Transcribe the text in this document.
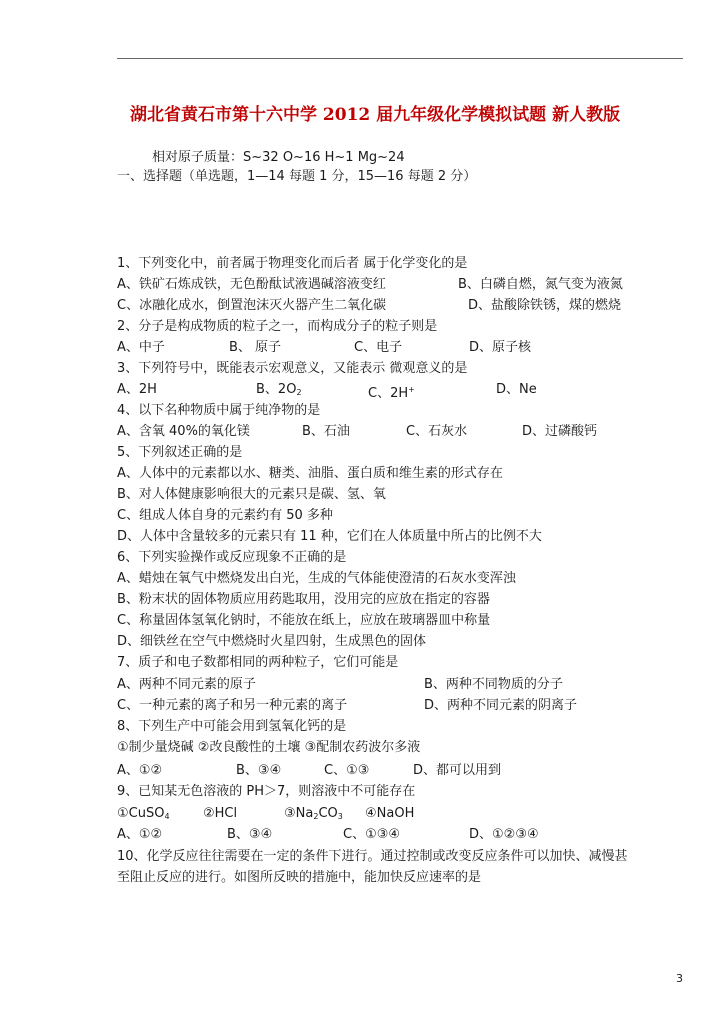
湖北省黄石市第十六中学 2012 届九年级化学模拟试题 新人教版
相对原子质量：S~32 O~16 H~1 Mg~24
一、选择题（单选题，1—14 每题 1 分，15—16 每题 2 分）
1、下列变化中，前者属于物理变化而后者 属于化学变化的是
A、铁矿石炼成铁，无色酚酞试液遇碱溶液变红	B、白磷自燃，氮气变为液氮
C、冰融化成水，倒置泡沫灭火器产生二氧化碳	D、盐酸除铁锈，煤的燃烧
2、分子是构成物质的粒子之一，而构成分子的粒子则是
A、中子	B、 原子	C、电子	D、原子核
3、下列符号中，既能表示宏观意义，又能表示 微观意义的是
A、2H	B、$2O_2$	C、2H+	D、Ne
4、以下名种物质中属于纯净物的是
A、含氧 40%的氧化镁	B、石油	C、石灰水	D、过磷酸钙
5、下列叙述正确的是
A、人体中的元素都以水、糖类、油脂、蛋白质和维生素的形式存在
B、对人体健康影响很大的元素只是碳、氢、氧
C、组成人体自身的元素约有 50 多种
D、人体中含量较多的元素只有 11 种，它们在人体质量中所占的比例不大
6、下列实验操作或反应现象不正确的是
A、蜡烛在氧气中燃烧发出白光，生成的气体能使澄清的石灰水变浑浊
B、粉末状的固体物质应用药匙取用，没用完的应放在指定的容器
C、称量固体氢氧化钠时，不能放在纸上，应放在玻璃器皿中称量
D、细铁丝在空气中燃烧时火星四射，生成黑色的固体
7、质子和电子数都相同的两种粒子，它们可能是
A、两种不同元素的原子	B、两种不同物质的分子
C、一种元素的离子和另一种元素的离子	D、两种不同元素的阴离子
8、下列生产中可能会用到氢氧化钙的是
①制少量烧碱 ②改良酸性的土壤 ③配制农药波尔多液
A、①②	B、③④	C、①③	D、都可以用到
9、已知某无色溶液的 PH＞7，则溶液中不可能存在
①CuSO$_4$	②HCl	$③Na_2CO_3$ ④NaOH
A、①②	B、③④	C、①③④	D、①②③④
10、化学反应往往需要在一定的条件下进行。通过控制或改变反应条件可以加快、减慢甚
至阻止反应的进行。如图所反映的措施中，能加快反应速率的是
3
